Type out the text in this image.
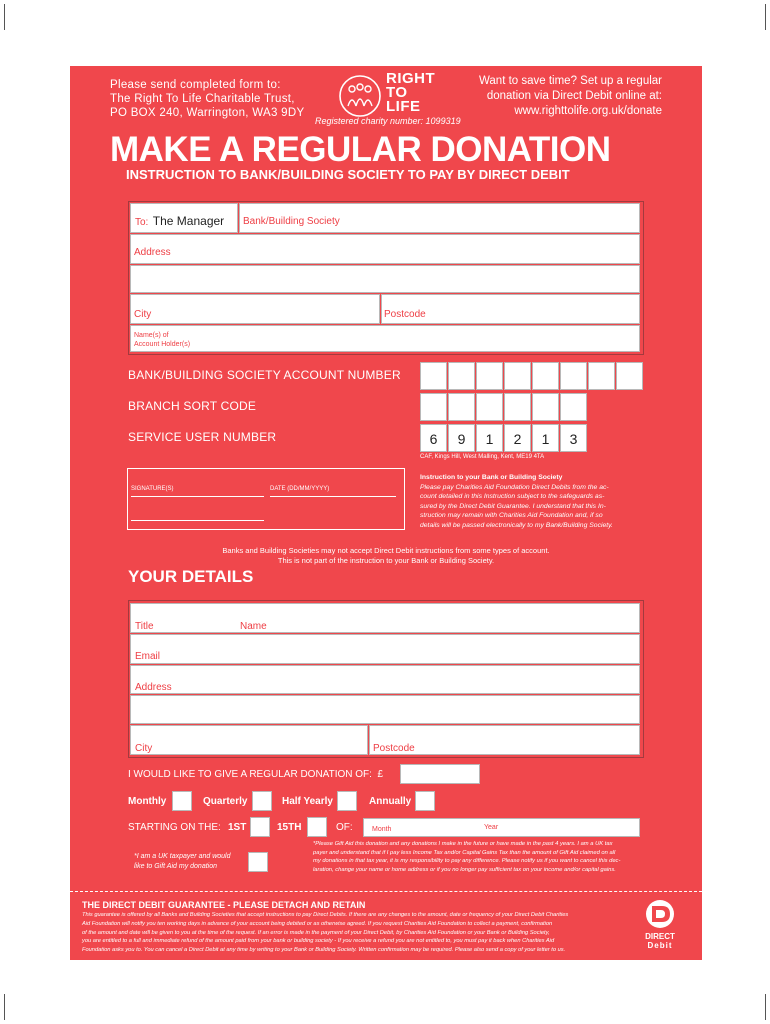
Please send completed form to:
The Right To Life Charitable Trust,
PO BOX 240, Warrington, WA3 9DY
RIGHT
TO
LIFE
Registered charity number: 1099319
Want to save time? Set up a regular
donation via Direct Debit online at:
www.righttolife.org.uk/donate
MAKE A REGULAR DONATION
INSTRUCTION TO BANK/BUILDING SOCIETY TO PAY BY DIRECT DEBIT
To: The Manager Bank/Building Society
Address
City	Postcode
Name(s) of
Account Holder(s)
BANK/BUILDING SOCIETY ACCOUNT NUMBER
BRANCH SORT CODE
SERVICE USER NUMBER	6	9	1	2	1	3
CAF, Kings Hill, West Malling, Kent, ME19 4TA
SIGNATURE(S)	DATE (DD/MM/YYYY)
Instruction to your Bank or Building Society
Please pay Charities Aid Foundation Direct Debits from the ac-
count detailed in this Instruction subject to the safeguards as-
sured by the Direct Debit Guarantee. I understand that this In-
struction may remain with Charities Aid Foundation and, if so
details will be passed electronically to my Bank/Building Society.
Banks and Building Societies may not accept Direct Debit instructions from some types of account.
This is not part of the instruction to your Bank or Building Society.
YOUR DETAILS
Title	Name
Email
Address
City	Postcode
I WOULD LIKE TO GIVE A REGULAR DONATION OF: £
Monthly	Quarterly	Half Yearly	Annually
STARTING ON THE: 1ST	15TH	OF:	Month	Year
*I am a UK taxpayer and would
like to Gift Aid my donation
*Please Gift Aid this donation and any donations I make in the future or have made in the past 4 years. I am a UK tax
payer and understand that if I pay less Income Tax and/or Capital Gains Tax than the amount of Gift Aid claimed on all
my donations in that tax year, it is my responsibility to pay any difference. Please notify us if you want to cancel this dec-
laration, change your name or home address or if you no longer pay sufficient tax on your income and/or capital gains.
THE DIRECT DEBIT GUARANTEE - PLEASE DETACH AND RETAIN
This guarantee is offered by all Banks and Building Societies that accept instructions to pay Direct Debits. If there are any changes to the amount, date or frequency of your Direct Debit Charities
Aid Foundation will notify you ten working days in advance of your account being debited or as otherwise agreed. If you request Charities Aid Foundation to collect a payment, confirmation
of the amount and date will be given to you at the time of the request. If an error is made in the payment of your Direct Debit, by Charities Aid Foundation or your Bank or Building Society,
you are entitled to a full and immediate refund of the amount paid from your bank or building society - If you receive a refund you are not entitled to, you must pay it back when Charities Aid
Foundation asks you to. You can cancel a Direct Debit at any time by writing to your Bank or Building Society. Written confirmation may be required. Please also send a copy of your letter to us.
DIRECT
Debit
